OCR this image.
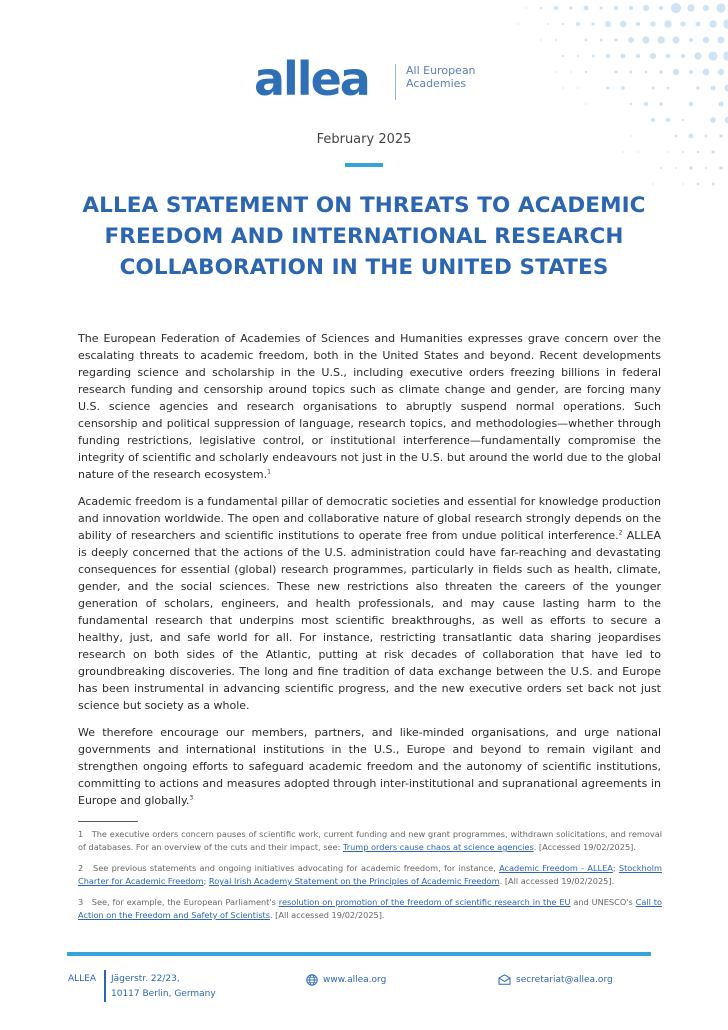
allea	All European
Academies
February 2025
ALLEA STATEMENT ON THREATS TO ACADEMIC FREEDOM AND INTERNATIONAL RESEARCH COLLABORATION IN THE UNITED STATES

The European Federation of Academies of Sciences and Humanities expresses grave concern over the escalating threats to academic freedom, both in the United States and beyond. Recent developments regarding science and scholarship in the U.S., including executive orders freezing billions in federal research funding and censorship around topics such as climate change and gender, are forcing many U.S. science agencies and research organisations to abruptly suspend normal operations. Such censorship and political suppression of language, research topics, and methodologies—whether through funding restrictions, legislative control, or institutional interference—fundamentally compromise the integrity of scientific and scholarly endeavours not just in the U.S. but around the world due to the global nature of the research ecosystem.$^1$

Academic freedom is a fundamental pillar of democratic societies and essential for knowledge production and innovation worldwide. The open and collaborative nature of global research strongly depends on the ability of researchers and scientific institutions to operate free from undue political interference.$^2$ ALLEA is deeply concerned that the actions of the U.S. administration could have far-reaching and devastating consequences for essential (global) research programmes, particularly in fields such as health, climate, gender, and the social sciences. These new restrictions also threaten the careers of the younger generation of scholars, engineers, and health professionals, and may cause lasting harm to the fundamental research that underpins most scientific breakthroughs, as well as efforts to secure a healthy, just, and safe world for all. For instance, restricting transatlantic data sharing jeopardises research on both sides of the Atlantic, putting at risk decades of collaboration that have led to groundbreaking discoveries. The long and fine tradition of data exchange between the U.S. and Europe has been instrumental in advancing scientific progress, and the new executive orders set back not just science but society as a whole.

We therefore encourage our members, partners, and like-minded organisations, and urge national governments and international institutions in the U.S., Europe and beyond to remain vigilant and strengthen ongoing efforts to safeguard academic freedom and the autonomy of scientific institutions, committing to actions and measures adopted through inter-institutional and supranational agreements in Europe and globally.$^3$

1 The executive orders concern pauses of scientific work, current funding and new grant programmes, withdrawn solicitations, and removal of databases. For an overview of the cuts and their impact, see: Trump orders cause chaos at science agencies. [Accessed 19/02/2025].

2 See previous statements and ongoing initiatives advocating for academic freedom, for instance, Academic Freedom - ALLEA; Stockholm Charter for Academic Freedom; Royal Irish Academy Statement on the Principles of Academic Freedom. [All accessed 19/02/2025].

3 See, for example, the European Parliament's resolution on promotion of the freedom of scientific research in the EU and UNESCO's Call to Action on the Freedom and Safety of Scientists. [All accessed 19/02/2025].

ALLEA Jägerstr. 22/23,
10117 Berlin, Germany
www.allea.org	secretariat@allea.org
